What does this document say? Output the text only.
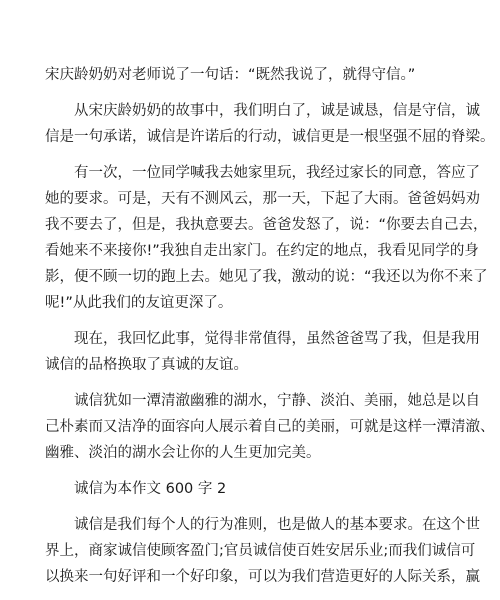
宋庆龄奶奶对老师说了一句话：“既然我说了，就得守信。”

从宋庆龄奶奶的故事中，我们明白了，诚是诚恳，信是守信，诚
信是一句承诺，诚信是许诺后的行动，诚信更是一根坚强不屈的脊梁。

有一次，一位同学喊我去她家里玩，我经过家长的同意，答应了
她的要求。可是，天有不测风云，那一天，下起了大雨。爸爸妈妈劝
我不要去了，但是，我执意要去。爸爸发怒了，说：“你要去自己去，
看她来不来接你!”我独自走出家门。在约定的地点，我看见同学的身
影，便不顾一切的跑上去。她见了我，激动的说：“我还以为你不来了
呢!”从此我们的友谊更深了。

现在，我回忆此事，觉得非常值得，虽然爸爸骂了我，但是我用
诚信的品格换取了真诚的友谊。

诚信犹如一潭清澈幽雅的湖水，宁静、淡泊、美丽，她总是以自
己朴素而又洁净的面容向人展示着自己的美丽，可就是这样一潭清澈、
幽雅、淡泊的湖水会让你的人生更加完美。

诚信为本作文 600 字 2

诚信是我们每个人的行为准则，也是做人的基本要求。在这个世
界上，商家诚信使顾客盈门;官员诚信使百姓安居乐业;而我们诚信可
以换来一句好评和一个好印象，可以为我们营造更好的人际关系，赢
